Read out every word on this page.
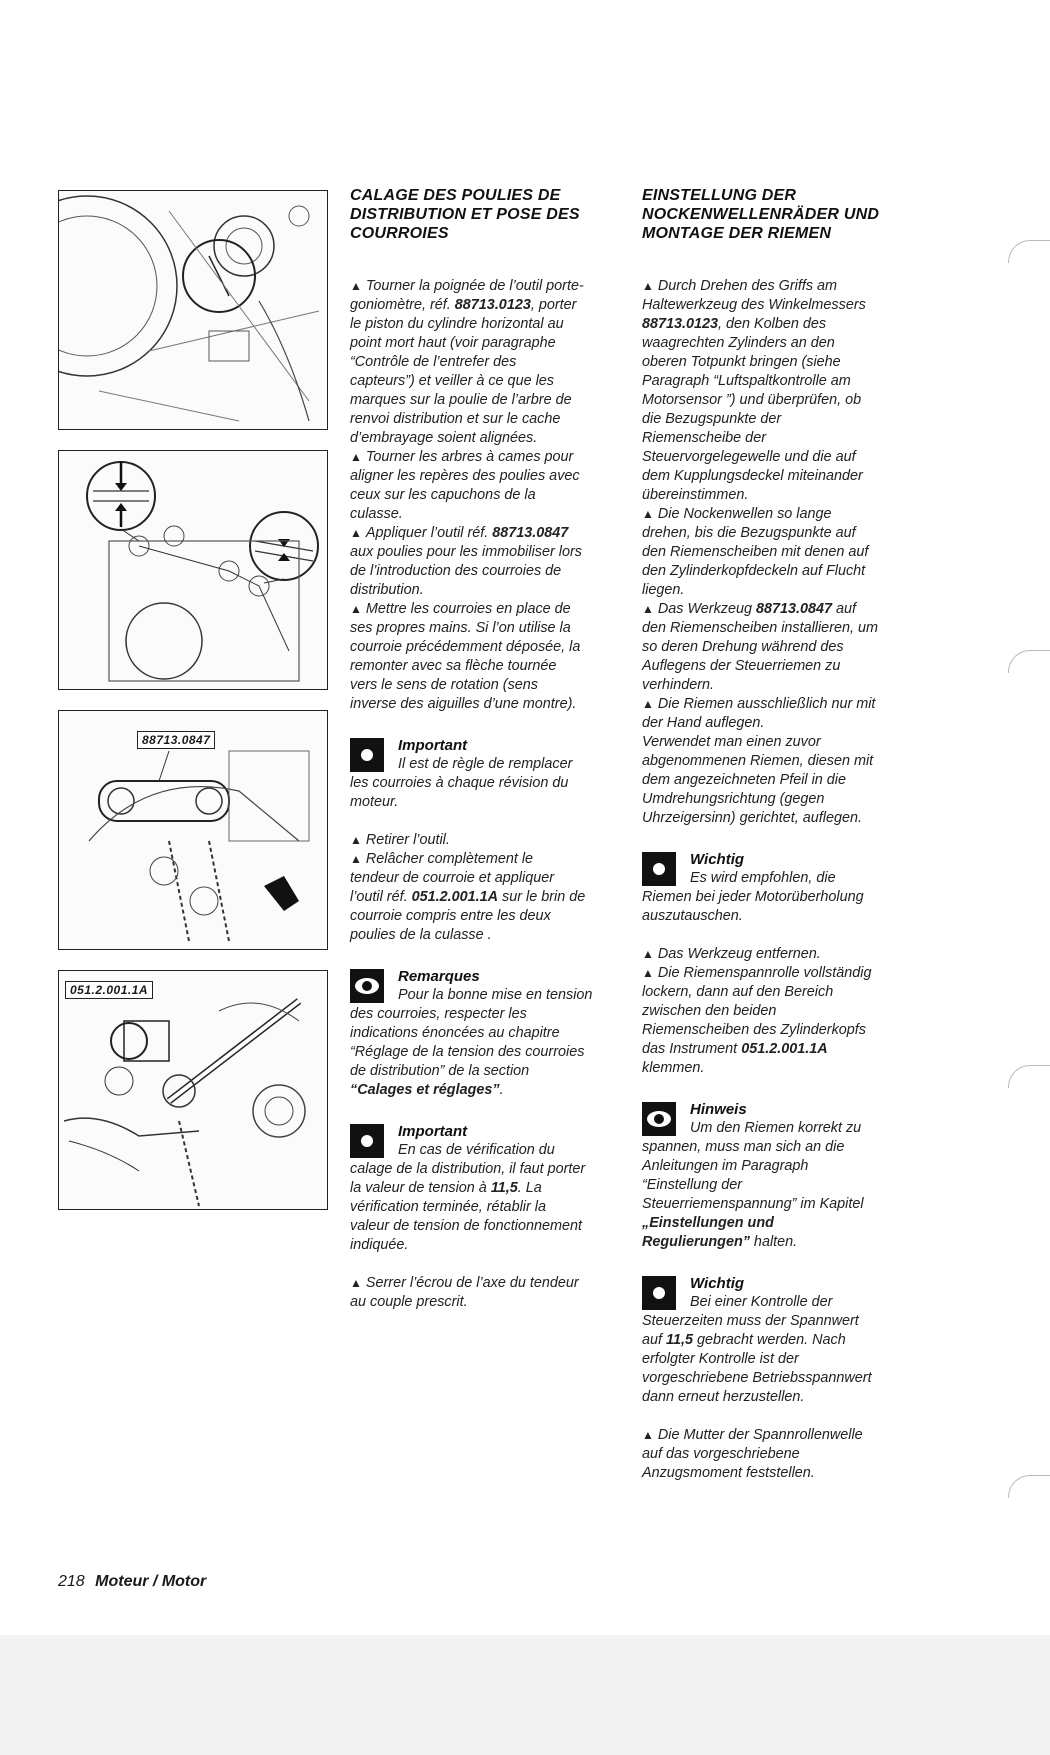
88713.0847
051.2.001.1A
CALAGE DES POULIES DE
DISTRIBUTION ET POSE DES
COURROIES
▲ Tourner la poignée de l’outil porte-
goniomètre, réf. 88713.0123, porter
le piston du cylindre horizontal au
point mort haut (voir paragraphe
“Contrôle de l’entrefer des
capteurs”) et veiller à ce que les
marques sur la poulie de l’arbre de
renvoi distribution et sur le cache
d’embrayage soient alignées.
▲ Tourner les arbres à cames pour
aligner les repères des poulies avec
ceux sur les capuchons de la
culasse.
▲ Appliquer l’outil réf. 88713.0847
aux poulies pour les immobiliser lors
de l’introduction des courroies de
distribution.
▲ Mettre les courroies en place de
ses propres mains. Si l’on utilise la
courroie précédemment déposée, la
remonter avec sa flèche tournée
vers le sens de rotation (sens
inverse des aiguilles d’une montre).
Important
Il est de règle de remplacer
les courroies à chaque révision du
moteur.
▲ Retirer l’outil.
▲ Relâcher complètement le
tendeur de courroie et appliquer
l’outil réf. 051.2.001.1A sur le brin de
courroie compris entre les deux
poulies de la culasse .
Remarques
Pour la bonne mise en tension
des courroies, respecter les
indications énoncées au chapitre
“Réglage de la tension des courroies
de distribution” de la section
“Calages et réglages”.
Important
En cas de vérification du
calage de la distribution, il faut porter
la valeur de tension à 11,5. La
vérification terminée, rétablir la
valeur de tension de fonctionnement
indiquée.
▲ Serrer l’écrou de l’axe du tendeur
au couple prescrit.
EINSTELLUNG DER
NOCKENWELLENRÄDER UND
MONTAGE DER RIEMEN
▲ Durch Drehen des Griffs am
Haltewerkzeug des Winkelmessers
88713.0123, den Kolben des
waagrechten Zylinders an den
oberen Totpunkt bringen (siehe
Paragraph “Luftspaltkontrolle am
Motorsensor ”) und überprüfen, ob
die Bezugspunkte der
Riemenscheibe der
Steuervorgelegewelle und die auf
dem Kupplungsdeckel miteinander
übereinstimmen.
▲ Die Nockenwellen so lange
drehen, bis die Bezugspunkte auf
den Riemenscheiben mit denen auf
den Zylinderkopfdeckeln auf Flucht
liegen.
▲ Das Werkzeug 88713.0847 auf
den Riemenscheiben installieren, um
so deren Drehung während des
Auflegens der Steuerriemen zu
verhindern.
▲ Die Riemen ausschließlich nur mit
der Hand auflegen.
Verwendet man einen zuvor
abgenommenen Riemen, diesen mit
dem angezeichneten Pfeil in die
Umdrehungsrichtung (gegen
Uhrzeigersinn) gerichtet, auflegen.
Wichtig
Es wird empfohlen, die
Riemen bei jeder Motorüberholung
auszutauschen.
▲ Das Werkzeug entfernen.
▲ Die Riemenspannrolle vollständig
lockern, dann auf den Bereich
zwischen den beiden
Riemenscheiben des Zylinderkopfs
das Instrument 051.2.001.1A
klemmen.
Hinweis
Um den Riemen korrekt zu
spannen, muss man sich an die
Anleitungen im Paragraph
“Einstellung der
Steuerriemenspannung” im Kapitel
„Einstellungen und
Regulierungen” halten.
Wichtig
Bei einer Kontrolle der
Steuerzeiten muss der Spannwert
auf 11,5 gebracht werden. Nach
erfolgter Kontrolle ist der
vorgeschriebene Betriebsspannwert
dann erneut herzustellen.
▲ Die Mutter der Spannrollenwelle
auf das vorgeschriebene
Anzugsmoment feststellen.
218 Moteur / Motor
